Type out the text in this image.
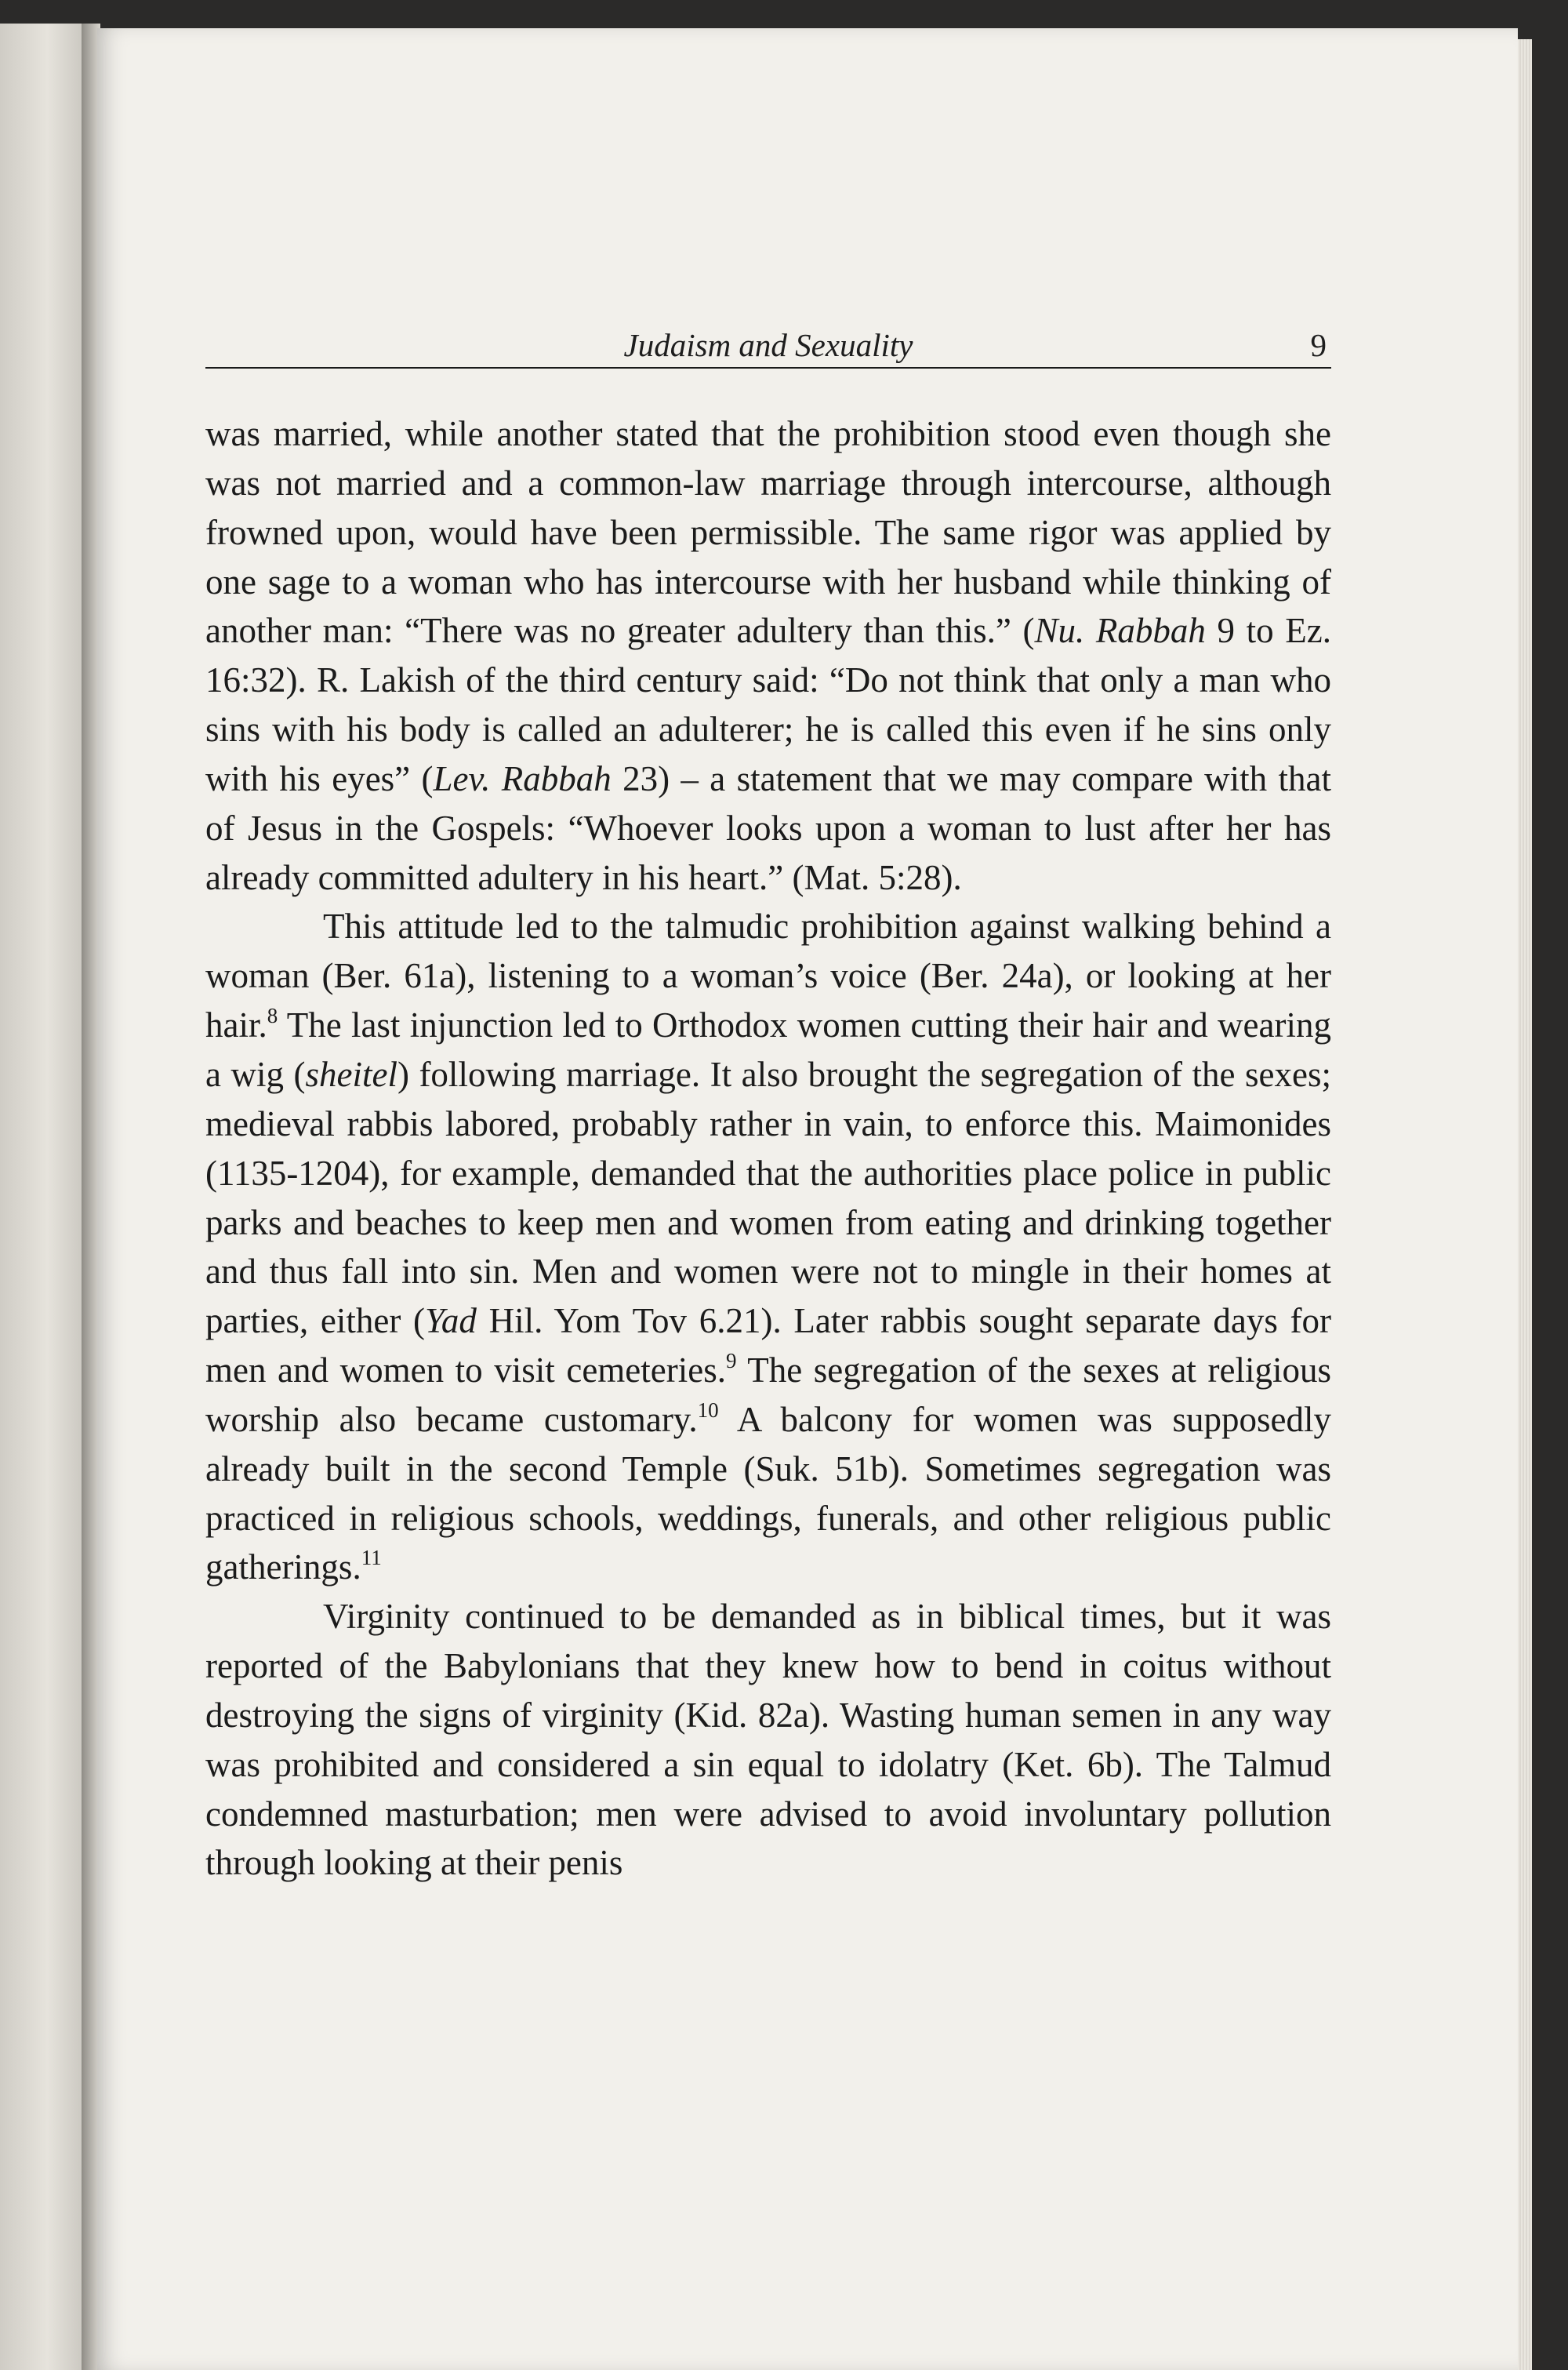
Judaism and Sexuality	9

was married, while another stated that the prohibition stood even though she was not married and a common-law marriage through intercourse, although frowned upon, would have been permissible. The same rigor was applied by one sage to a woman who has intercourse with her husband while thinking of another man: “There was no greater adultery than this.” (Nu. Rabbah 9 to Ez. 16:32). R. Lakish of the third century said: “Do not think that only a man who sins with his body is called an adulterer; he is called this even if he sins only with his eyes” (Lev. Rabbah 23) – a statement that we may compare with that of Jesus in the Gospels: “Whoever looks upon a woman to lust after her has already committed adultery in his heart.” (Mat. 5:28).

This attitude led to the talmudic prohibition against walking behind a woman (Ber. 61a), listening to a woman’s voice (Ber. 24a), or looking at her hair.$^8$ The last injunction led to Orthodox women cutting their hair and wearing a wig (sheitel) following marriage. It also brought the segregation of the sexes; medieval rabbis labored, probably rather in vain, to enforce this. Maimonides (1135-1204), for example, demanded that the authorities place police in public parks and beaches to keep men and women from eating and drinking together and thus fall into sin. Men and women were not to mingle in their homes at parties, either (Yad Hil. Yom Tov 6.21). Later rabbis sought separate days for men and women to visit cemeteries.$^9$ The segregation of the sexes at religious worship also became customary.$^{10}$ A balcony for women was supposedly already built in the second Temple (Suk. 51b). Sometimes segregation was practiced in religious schools, weddings, funerals, and other religious public gatherings.$^{11}$

Virginity continued to be demanded as in biblical times, but it was reported of the Babylonians that they knew how to bend in coitus without destroying the signs of virginity (Kid. 82a). Wasting human semen in any way was prohibited and considered a sin equal to idolatry (Ket. 6b). The Talmud condemned masturbation; men were advised to avoid involuntary pollution through looking at their penis
